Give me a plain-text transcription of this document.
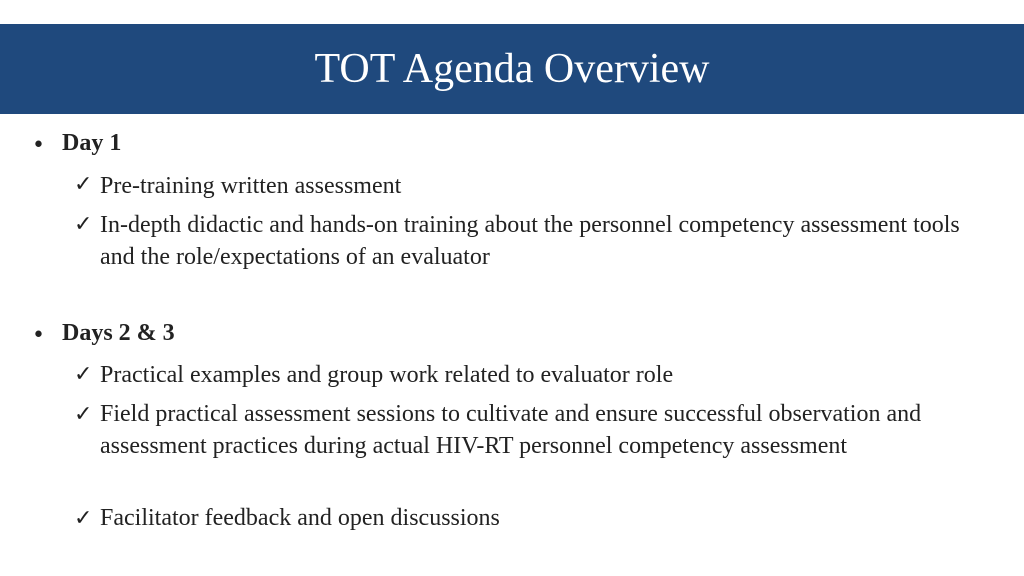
TOT Agenda Overview
• Day 1
✓ Pre-training written assessment
✓ In-depth didactic and hands-on training about the personnel competency assessment tools and the role/expectations of an evaluator
• Days 2 & 3
✓ Practical examples and group work related to evaluator role
✓ Field practical assessment sessions to cultivate and ensure successful observation and assessment practices during actual HIV-RT personnel competency assessment
✓ Facilitator feedback and open discussions
